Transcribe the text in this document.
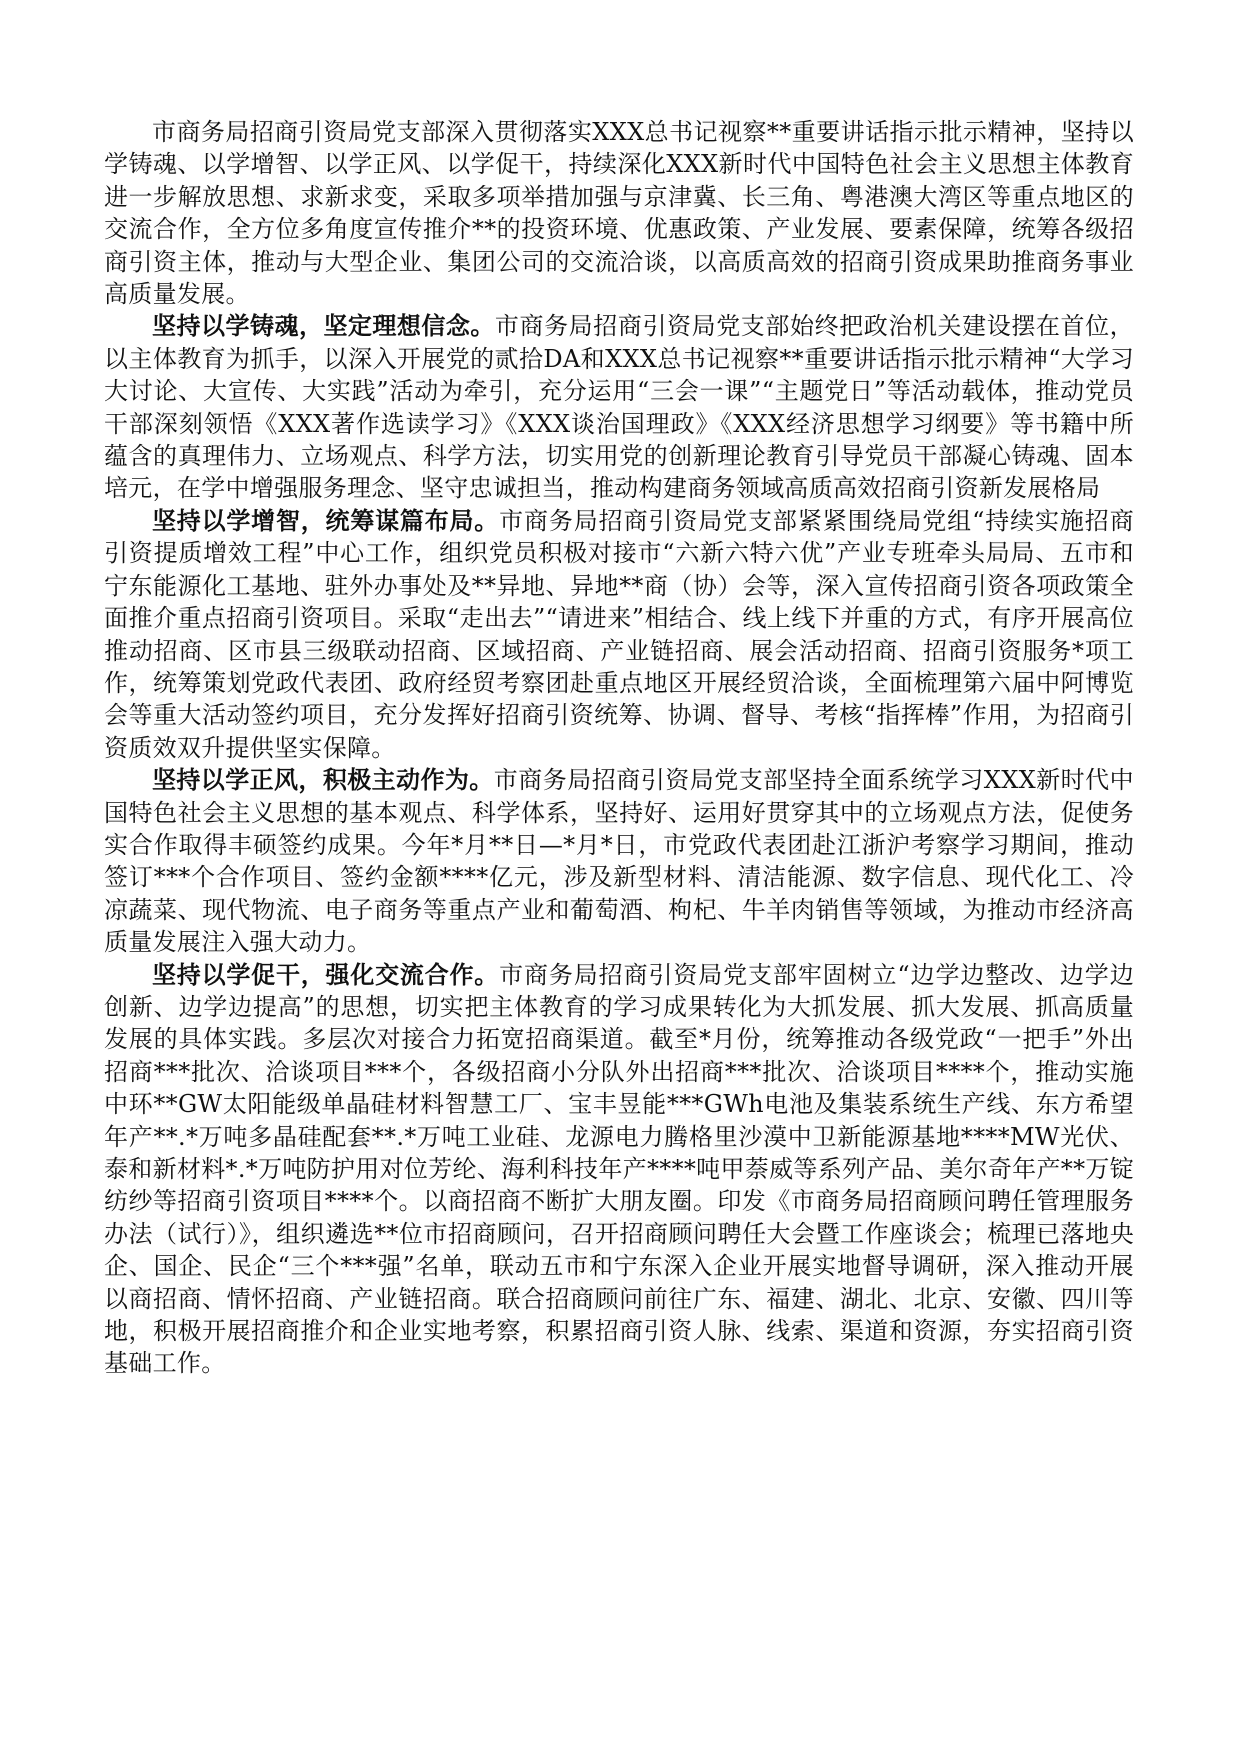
市商务局招商引资局党支部深入贯彻落实XXX总书记视察**重要讲话指示批示精神，坚持以学铸魂、以学增智、以学正风、以学促干，持续深化XXX新时代中国特色社会主义思想主体教育进一步解放思想、求新求变，采取多项举措加强与京津冀、长三角、粤港澳大湾区等重点地区的交流合作，全方位多角度宣传推介**的投资环境、优惠政策、产业发展、要素保障，统筹各级招商引资主体，推动与大型企业、集团公司的交流洽谈，以高质高效的招商引资成果助推商务事业高质量发展。

坚持以学铸魂，坚定理想信念。市商务局招商引资局党支部始终把政治机关建设摆在首位，以主体教育为抓手，以深入开展党的贰拾DA和XXX总书记视察**重要讲话指示批示精神“大学习大讨论、大宣传、大实践”活动为牵引，充分运用“三会一课”“主题党日”等活动载体，推动党员干部深刻领悟《XXX著作选读学习》《XXX谈治国理政》《XXX经济思想学习纲要》等书籍中所蕴含的真理伟力、立场观点、科学方法，切实用党的创新理论教育引导党员干部凝心铸魂、固本培元，在学中增强服务理念、坚守忠诚担当，推动构建商务领域高质高效招商引资新发展格局

坚持以学增智，统筹谋篇布局。市商务局招商引资局党支部紧紧围绕局党组“持续实施招商引资提质增效工程”中心工作，组织党员积极对接市“六新六特六优”产业专班牵头局局、五市和宁东能源化工基地、驻外办事处及**异地、异地**商（协）会等，深入宣传招商引资各项政策全面推介重点招商引资项目。采取“走出去”“请进来”相结合、线上线下并重的方式，有序开展高位推动招商、区市县三级联动招商、区域招商、产业链招商、展会活动招商、招商引资服务*项工作，统筹策划党政代表团、政府经贸考察团赴重点地区开展经贸洽谈，全面梳理第六届中阿博览会等重大活动签约项目，充分发挥好招商引资统筹、协调、督导、考核“指挥棒”作用，为招商引资质效双升提供坚实保障。

坚持以学正风，积极主动作为。市商务局招商引资局党支部坚持全面系统学习XXX新时代中国特色社会主义思想的基本观点、科学体系，坚持好、运用好贯穿其中的立场观点方法，促使务实合作取得丰硕签约成果。今年*月**日—*月*日，市党政代表团赴江浙沪考察学习期间，推动签订***个合作项目、签约金额****亿元，涉及新型材料、清洁能源、数字信息、现代化工、冷凉蔬菜、现代物流、电子商务等重点产业和葡萄酒、枸杞、牛羊肉销售等领域，为推动市经济高质量发展注入强大动力。

坚持以学促干，强化交流合作。市商务局招商引资局党支部牢固树立“边学边整改、边学边创新、边学边提高”的思想，切实把主体教育的学习成果转化为大抓发展、抓大发展、抓高质量发展的具体实践。多层次对接合力拓宽招商渠道。截至*月份，统筹推动各级党政“一把手”外出招商***批次、洽谈项目***个，各级招商小分队外出招商***批次、洽谈项目****个，推动实施中环**GW太阳能级单晶硅材料智慧工厂、宝丰昱能***GWh电池及集装系统生产线、东方希望年产**.*万吨多晶硅配套**.*万吨工业硅、龙源电力腾格里沙漠中卫新能源基地****MW光伏、泰和新材料*.*万吨防护用对位芳纶、海利科技年产****吨甲萘威等系列产品、美尔奇年产**万锭纺纱等招商引资项目****个。以商招商不断扩大朋友圈。印发《市商务局招商顾问聘任管理服务办法（试行）》，组织遴选**位市招商顾问，召开招商顾问聘任大会暨工作座谈会；梳理已落地央企、国企、民企“三个***强”名单，联动五市和宁东深入企业开展实地督导调研，深入推动开展以商招商、情怀招商、产业链招商。联合招商顾问前往广东、福建、湖北、北京、安徽、四川等地，积极开展招商推介和企业实地考察，积累招商引资人脉、线索、渠道和资源，夯实招商引资基础工作。
